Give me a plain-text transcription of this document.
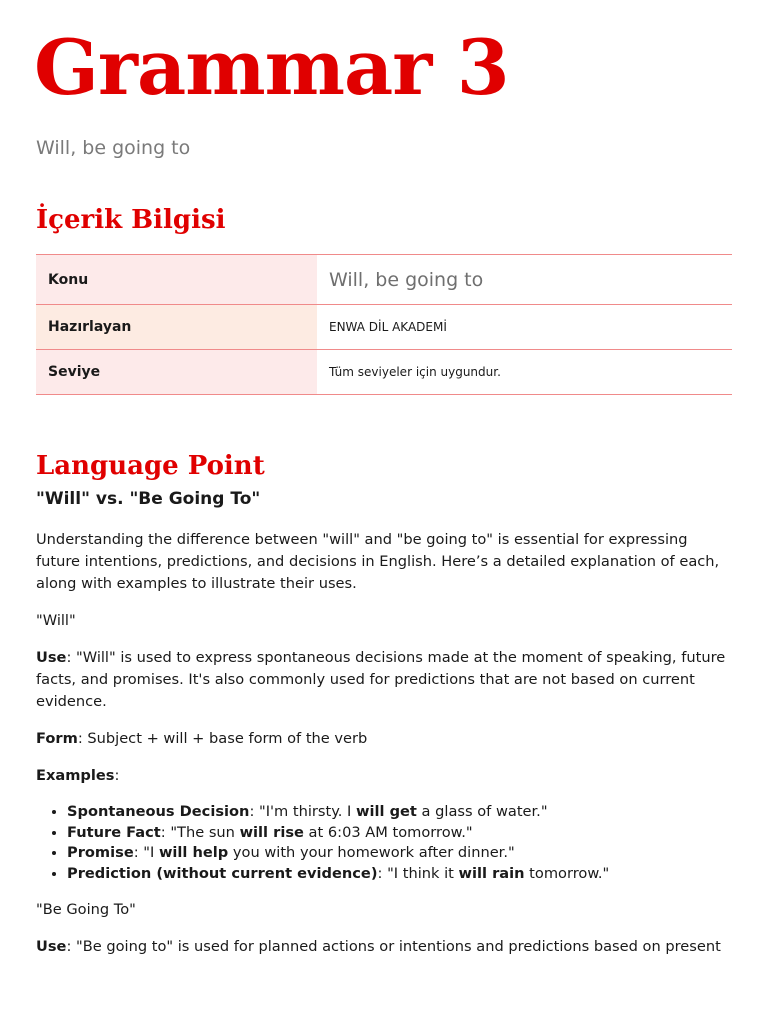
Grammar 3

Will, be going to

İçerik Bilgisi
Konu	Will, be going to
Hazırlayan	ENWA DİL AKADEMİ
Seviye	Tüm seviyeler için uygundur.
Language Point
"Will" vs. "Be Going To"

Understanding the difference between "will" and "be going to" is essential for expressing future intentions, predictions, and decisions in English. Here’s a detailed explanation of each, along with examples to illustrate their uses.

"Will"

Use: "Will" is used to express spontaneous decisions made at the moment of speaking, future facts, and promises. It's also commonly used for predictions that are not based on current evidence.

Form: Subject + will + base form of the verb

Examples:

• Spontaneous Decision: "I'm thirsty. I will get a glass of water."
• Future Fact: "The sun will rise at 6:03 AM tomorrow."
• Promise: "I will help you with your homework after dinner."
• Prediction (without current evidence): "I think it will rain tomorrow."

"Be Going To"

Use: "Be going to" is used for planned actions or intentions and predictions based on present
